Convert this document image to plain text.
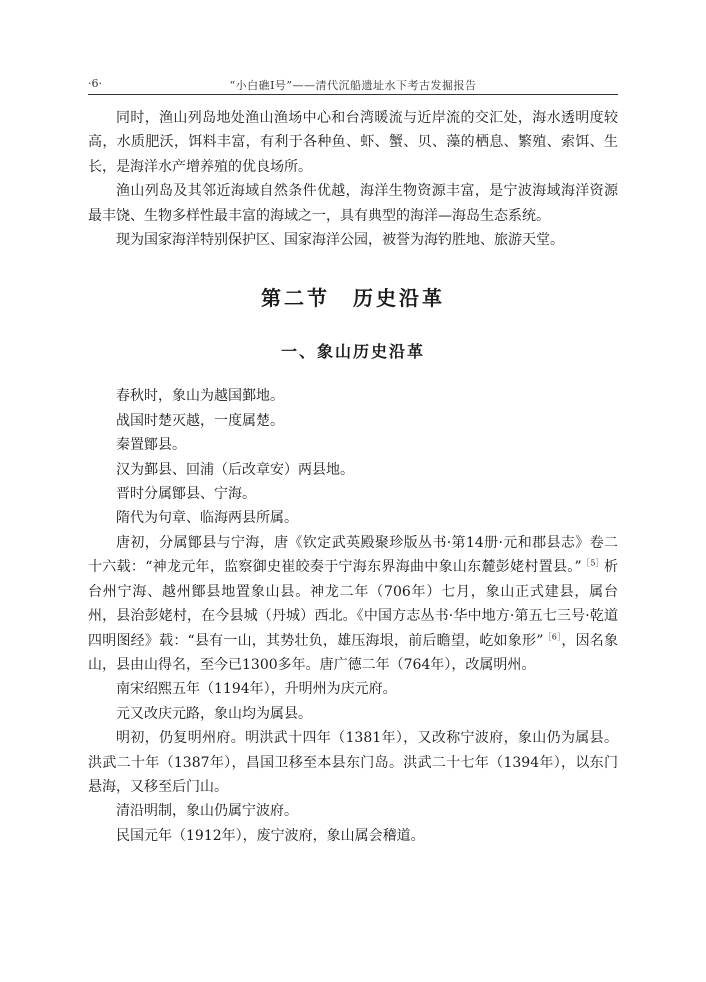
·6·	“小白礁Ⅰ号”——清代沉船遗址水下考古发掘报告

同时，渔山列岛地处渔山渔场中心和台湾暖流与近岸流的交汇处，海水透明度较高，水质肥沃，饵料丰富，有利于各种鱼、虾、蟹、贝、藻的栖息、繁殖、索饵、生长，是海洋水产增养殖的优良场所。

渔山列岛及其邻近海域自然条件优越，海洋生物资源丰富，是宁波海域海洋资源最丰饶、生物多样性最丰富的海域之一，具有典型的海洋—海岛生态系统。

现为国家海洋特别保护区、国家海洋公园，被誉为海钓胜地、旅游天堂。

第二节　历史沿革
一、象山历史沿革

春秋时，象山为越国鄞地。

战国时楚灭越，一度属楚。

秦置鄮县。

汉为鄞县、回浦（后改章安）两县地。

晋时分属鄮县、宁海。

隋代为句章、临海两县所属。

唐初，分属鄮县与宁海，唐《钦定武英殿聚珍版丛书·第14册·元和郡县志》卷二十六载：“神龙元年，监察御史崔皎奏于宁海东界海曲中象山东麓彭姥村置县。”$^{[5]}$析台州宁海、越州鄮县地置象山县。神龙二年（706年）七月，象山正式建县，属台州，县治彭姥村，在今县城（丹城）西北。《中国方志丛书·华中地方·第五七三号·乾道四明图经》载：“县有一山，其势壮负，雄压海垠，前后瞻望，屹如象形”$^{[6]}$，因名象山，县由山得名，至今已1300多年。唐广德二年（764年），改属明州。

南宋绍熙五年（1194年），升明州为庆元府。

元又改庆元路，象山均为属县。

明初，仍复明州府。明洪武十四年（1381年），又改称宁波府，象山仍为属县。洪武二十年（1387年），昌国卫移至本县东门岛。洪武二十七年（1394年），以东门悬海，又移至后门山。

清沿明制，象山仍属宁波府。

民国元年（1912年），废宁波府，象山属会稽道。
